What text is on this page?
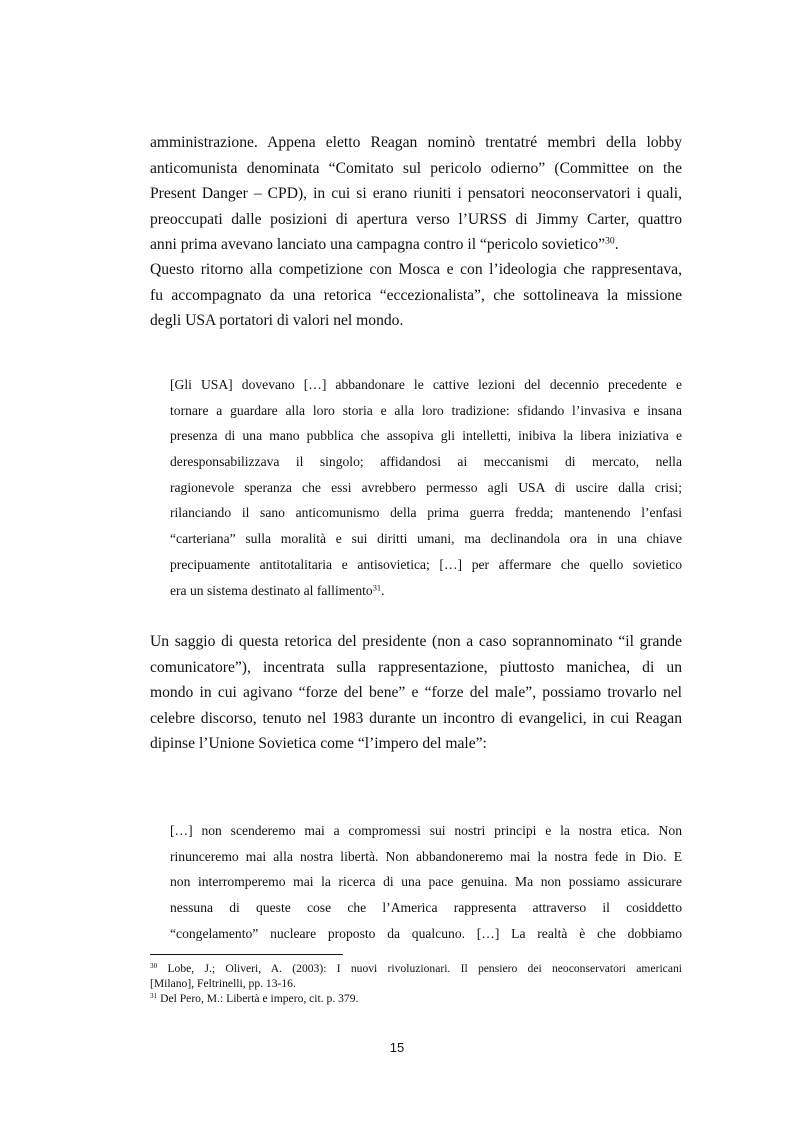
amministrazione. Appena eletto Reagan nominò trentatré membri della lobby
anticomunista denominata “Comitato sul pericolo odierno” (Committee on the
Present Danger – CPD), in cui si erano riuniti i pensatori neoconservatori i quali,
preoccupati dalle posizioni di apertura verso l’URSS di Jimmy Carter, quattro
anni prima avevano lanciato una campagna contro il “pericolo sovietico”$^{30}$.
Questo ritorno alla competizione con Mosca e con l’ideologia che rappresentava,
fu accompagnato da una retorica “eccezionalista”, che sottolineava la missione
degli USA portatori di valori nel mondo.
[Gli USA] dovevano […] abbandonare le cattive lezioni del decennio precedente e
tornare a guardare alla loro storia e alla loro tradizione: sfidando l’invasiva e insana
presenza di una mano pubblica che assopiva gli intelletti, inibiva la libera iniziativa e
deresponsabilizzava il singolo; affidandosi ai meccanismi di mercato, nella
ragionevole speranza che essi avrebbero permesso agli USA di uscire dalla crisi;
rilanciando il sano anticomunismo della prima guerra fredda; mantenendo l’enfasi
“carteriana” sulla moralità e sui diritti umani, ma declinandola ora in una chiave
precipuamente antitotalitaria e antisovietica; […] per affermare che quello sovietico
era un sistema destinato al fallimento$^{31}$.
Un saggio di questa retorica del presidente (non a caso soprannominato “il grande
comunicatore”), incentrata sulla rappresentazione, piuttosto manichea, di un
mondo in cui agivano “forze del bene” e “forze del male”, possiamo trovarlo nel
celebre discorso, tenuto nel 1983 durante un incontro di evangelici, in cui Reagan
dipinse l’Unione Sovietica come “l’impero del male”:
[…] non scenderemo mai a compromessi sui nostri principi e la nostra etica. Non
rinunceremo mai alla nostra libertà. Non abbandoneremo mai la nostra fede in Dio. E
non interromperemo mai la ricerca di una pace genuina. Ma non possiamo assicurare
nessuna di queste cose che l’America rappresenta attraverso il cosiddetto
“congelamento” nucleare proposto da qualcuno. […] La realtà è che dobbiamo
$^{30}$ Lobe, J.; Oliveri, A. (2003): I nuovi rivoluzionari. Il pensiero dei neoconservatori americani
[Milano], Feltrinelli, pp. 13-16.
$^{31}$ Del Pero, M.: Libertà e impero, cit. p. 379.
15
